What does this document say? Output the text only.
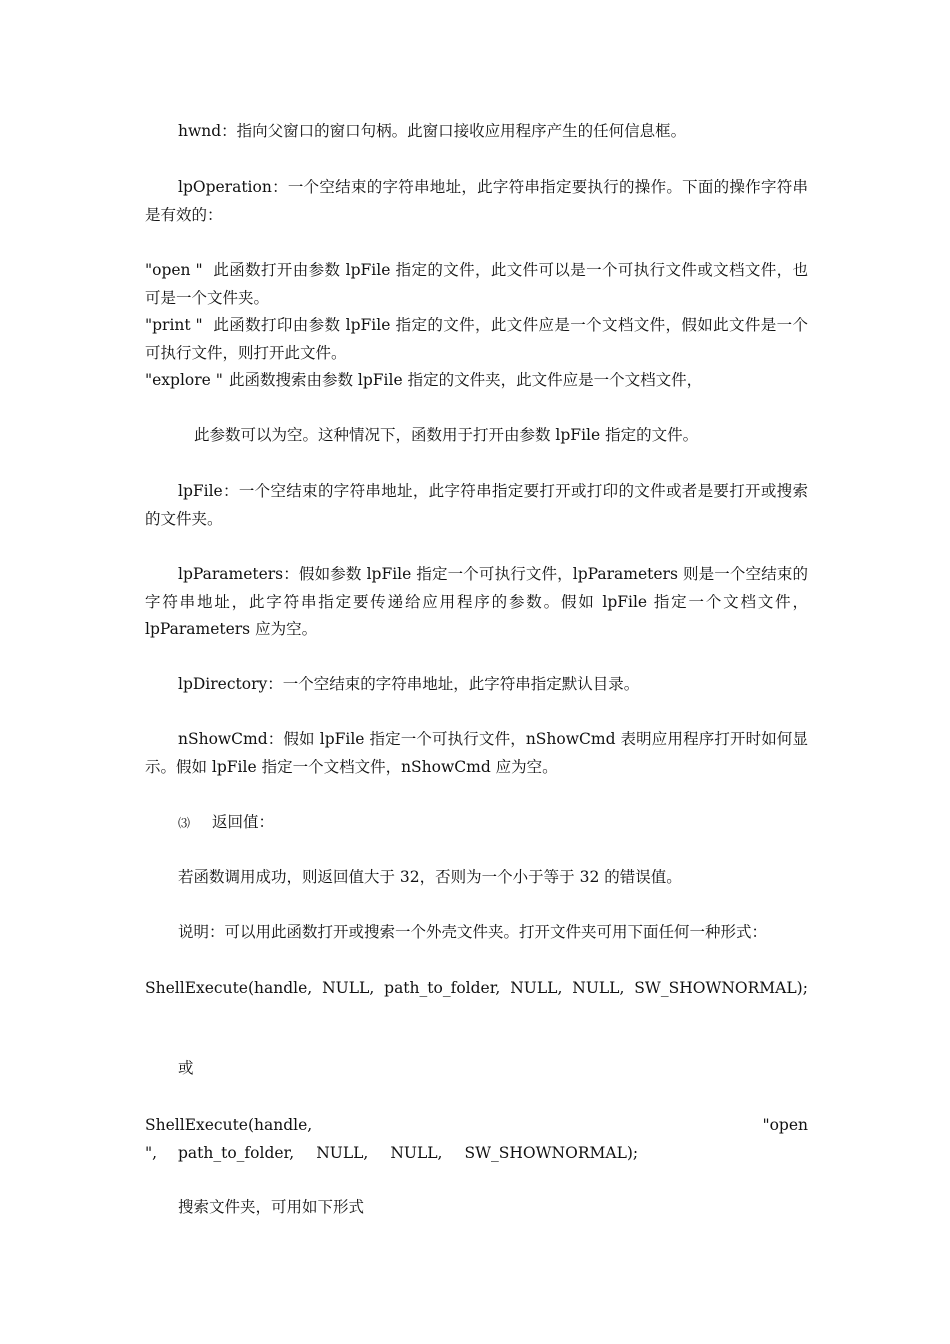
hwnd：指向父窗口的窗口句柄。此窗口接收应用程序产生的任何信息框。

lpOperation：一个空结束的字符串地址，此字符串指定要执行的操作。下面的操作字符串是有效的：

"open " 此函数打开由参数 lpFile 指定的文件，此文件可以是一个可执行文件或文档文件，也可是一个文件夹。

"print " 此函数打印由参数 lpFile 指定的文件，此文件应是一个文档文件，假如此文件是一个可执行文件，则打开此文件。

"explore " 此函数搜索由参数 lpFile 指定的文件夹，此文件应是一个文档文件，

此参数可以为空。这种情况下，函数用于打开由参数 lpFile 指定的文件。

lpFile：一个空结束的字符串地址，此字符串指定要打开或打印的文件或者是要打开或搜索的文件夹。

lpParameters：假如参数 lpFile 指定一个可执行文件，lpParameters 则是一个空结束的字符串地址，此字符串指定要传递给应用程序的参数。假如 lpFile 指定一个文档文件，lpParameters 应为空。

lpDirectory：一个空结束的字符串地址，此字符串指定默认目录。

nShowCmd：假如 lpFile 指定一个可执行文件，nShowCmd 表明应用程序打开时如何显示。假如 lpFile 指定一个文档文件，nShowCmd 应为空。

⑶ 返回值：

若函数调用成功，则返回值大于 32，否则为一个小于等于 32 的错误值。

说明：可以用此函数打开或搜索一个外壳文件夹。打开文件夹可用下面任何一种形式：

ShellExecute(handle, NULL, path_to_folder, NULL, NULL, SW_SHOWNORMAL);

或

ShellExecute(handle,	"open
",	path_to_folder, NULL, NULL, SW_SHOWNORMAL);

搜索文件夹，可用如下形式
